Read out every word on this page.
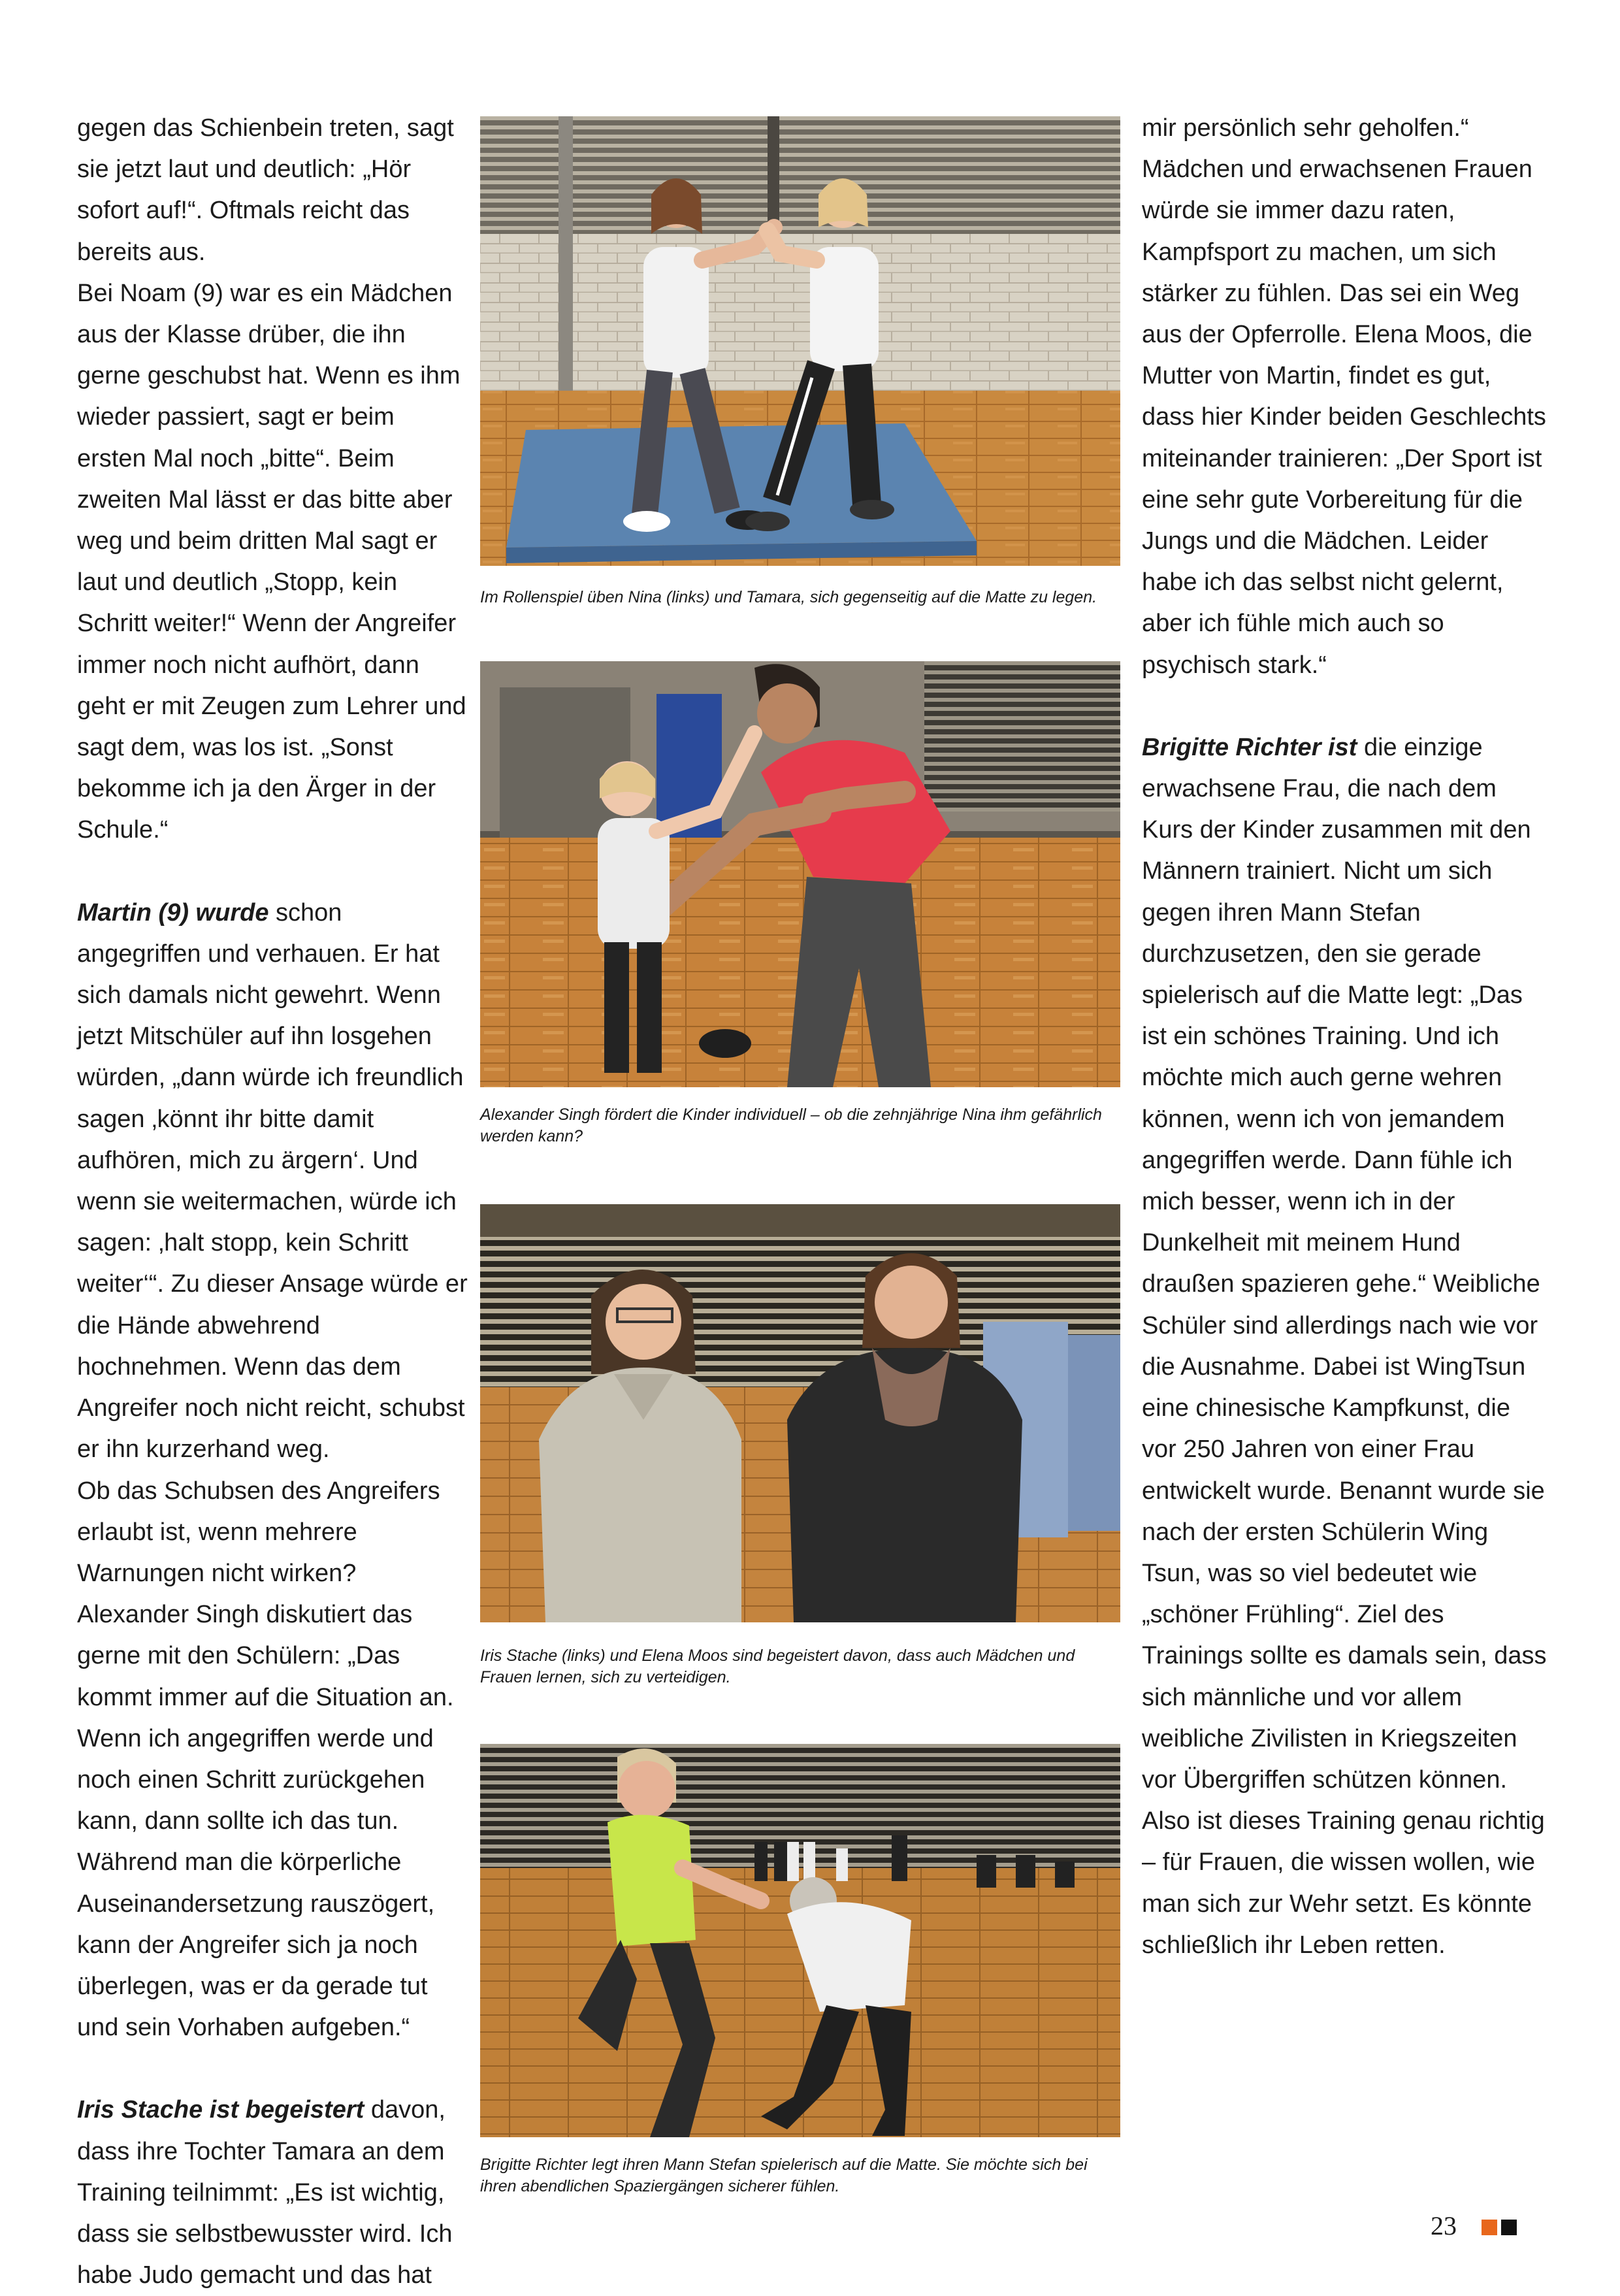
gegen das Schienbein treten, sagt sie jetzt laut und deutlich: „Hör sofort auf!“. Oftmals reicht das bereits aus.

Bei Noam (9) war es ein Mädchen aus der Klasse drüber, die ihn gerne geschubst hat. Wenn es ihm wieder passiert, sagt er beim ersten Mal noch „bitte“. Beim zweiten Mal lässt er das bitte aber weg und beim dritten Mal sagt er laut und deutlich „Stopp, kein Schritt weiter!“ Wenn der Angreifer immer noch nicht aufhört, dann geht er mit Zeugen zum Lehrer und sagt dem, was los ist. „Sonst bekomme ich ja den Ärger in der Schule.“

Martin (9) wurde schon angegriffen und verhauen. Er hat sich damals nicht gewehrt. Wenn jetzt Mitschüler auf ihn losgehen würden, „dann würde ich freundlich sagen ‚könnt ihr bitte damit aufhören, mich zu ärgern‘. Und wenn sie weitermachen, würde ich sagen: ‚halt stopp, kein Schritt weiter‘“. Zu dieser Ansage würde er die Hände abwehrend hochnehmen. Wenn das dem Angreifer noch nicht reicht, schubst er ihn kurzerhand weg.

Ob das Schubsen des Angreifers erlaubt ist, wenn mehrere Warnungen nicht wirken? Alexander Singh diskutiert das gerne mit den Schülern: „Das kommt immer auf die Situation an. Wenn ich angegriffen werde und noch einen Schritt zurückgehen kann, dann sollte ich das tun. Während man die körperliche Auseinandersetzung rauszögert, kann der Angreifer sich ja noch überlegen, was er da gerade tut und sein Vorhaben aufgeben.“

Iris Stache ist begeistert davon, dass ihre Tochter Tamara an dem Training teilnimmt: „Es ist wichtig, dass sie selbstbewusster wird. Ich habe Judo gemacht und das hat

mir persönlich sehr geholfen.“ Mädchen und erwachsenen Frauen würde sie immer dazu raten, Kampfsport zu machen, um sich stärker zu fühlen. Das sei ein Weg aus der Opferrolle. Elena Moos, die Mutter von Martin, findet es gut, dass hier Kinder beiden Geschlechts miteinander trainieren: „Der Sport ist eine sehr gute Vorbereitung für die Jungs und die Mädchen. Leider habe ich das selbst nicht gelernt, aber ich fühle mich auch so psychisch stark.“

Brigitte Richter ist die einzige erwachsene Frau, die nach dem Kurs der Kinder zusammen mit den Männern trainiert. Nicht um sich gegen ihren Mann Stefan durchzusetzen, den sie gerade spielerisch auf die Matte legt: „Das ist ein schönes Training. Und ich möchte mich auch gerne wehren können, wenn ich von jemandem angegriffen werde. Dann fühle ich mich besser, wenn ich in der Dunkelheit mit meinem Hund draußen spazieren gehe.“ Weibliche Schüler sind allerdings nach wie vor die Ausnahme. Dabei ist WingTsun eine chinesische Kampfkunst, die vor 250 Jahren von einer Frau entwickelt wurde. Benannt wurde sie nach der ersten Schülerin Wing Tsun, was so viel bedeutet wie „schöner Frühling“. Ziel des Trainings sollte es damals sein, dass sich männliche und vor allem weibliche Zivilisten in Kriegszeiten vor Übergriffen schützen können. Also ist dieses Training genau richtig – für Frauen, die wissen wollen, wie man sich zur Wehr setzt. Es könnte schließlich ihr Leben retten.

Im Rollenspiel üben Nina (links) und Tamara, sich gegenseitig auf die Matte zu legen.
Alexander Singh fördert die Kinder individuell – ob die zehnjährige Nina ihm gefährlich werden kann?
Iris Stache (links) und Elena Moos sind begeistert davon, dass auch Mädchen und Frauen lernen, sich zu verteidigen.
Brigitte Richter legt ihren Mann Stefan spielerisch auf die Matte. Sie möchte sich bei ihren abendlichen Spaziergängen sicherer fühlen.
23
